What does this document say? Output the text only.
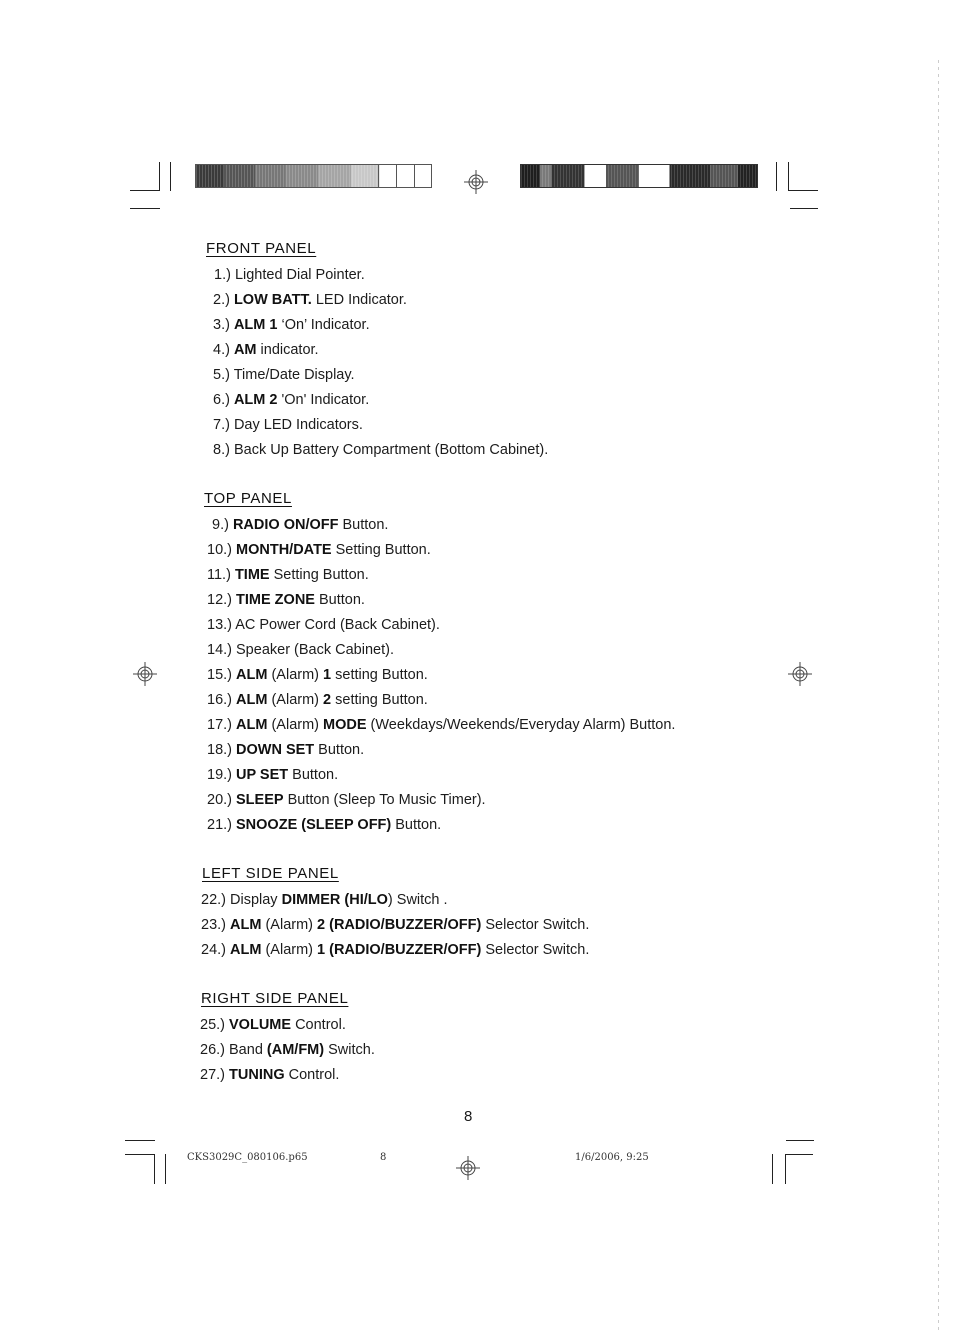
FRONT PANEL
TOP PANEL
LEFT SIDE PANEL
RIGHT SIDE PANEL
1.) Lighted Dial Pointer.
2.) LOW BATT. LED Indicator.
3.) ALM 1 ‘On’ Indicator.
4.) AM indicator.
5.) Time/Date Display.
6.) ALM 2 'On' Indicator.
7.) Day LED Indicators.
8.) Back Up Battery Compartment (Bottom Cabinet).
9.) RADIO ON/OFF Button.
10.) MONTH/DATE Setting Button.
11.) TIME Setting Button.
12.) TIME ZONE Button.
13.) AC Power Cord (Back Cabinet).
14.) Speaker (Back Cabinet).
15.) ALM (Alarm) 1 setting Button.
16.) ALM (Alarm) 2 setting Button.
17.) ALM (Alarm) MODE (Weekdays/Weekends/Everyday Alarm) Button.
18.) DOWN SET Button.
19.) UP SET Button.
20.) SLEEP Button (Sleep To Music Timer).
21.) SNOOZE (SLEEP OFF) Button.
22.) Display DIMMER (HI/LO) Switch .
23.) ALM (Alarm) 2 (RADIO/BUZZER/OFF) Selector Switch.
24.) ALM (Alarm) 1 (RADIO/BUZZER/OFF) Selector Switch.
25.) VOLUME Control.
26.) Band (AM/FM) Switch.
27.) TUNING Control.
8
CKS3029C_080106.p65	8	1/6/2006, 9:25
